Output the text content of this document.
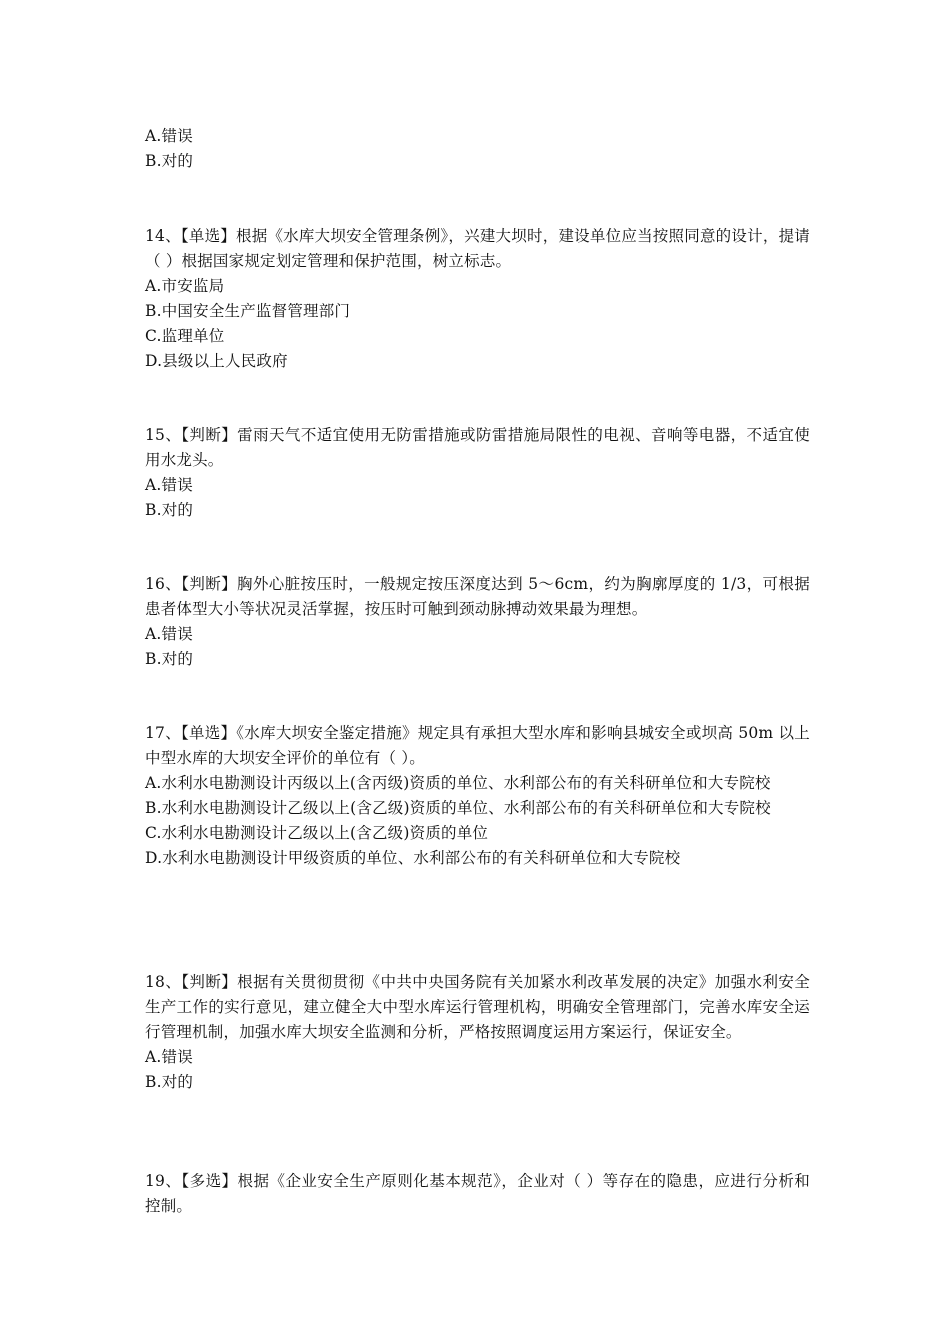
A.错误
B.对的
14、【单选】根据《水库大坝安全管理条例》，兴建大坝时，建设单位应当按照同意的设计，提请（ ）根据国家规定划定管理和保护范围，树立标志。
A.市安监局
B.中国安全生产监督管理部门
C.监理单位
D.县级以上人民政府
15、【判断】雷雨天气不适宜使用无防雷措施或防雷措施局限性的电视、音响等电器，不适宜使用水龙头。
A.错误
B.对的
16、【判断】胸外心脏按压时，一般规定按压深度达到 5～6cm，约为胸廓厚度的 1/3，可根据患者体型大小等状况灵活掌握，按压时可触到颈动脉搏动效果最为理想。
A.错误
B.对的
17、【单选】《水库大坝安全鉴定措施》规定具有承担大型水库和影响县城安全或坝高 50m 以上中型水库的大坝安全评价的单位有（ ）。
A.水利水电勘测设计丙级以上(含丙级)资质的单位、水利部公布的有关科研单位和大专院校
B.水利水电勘测设计乙级以上(含乙级)资质的单位、水利部公布的有关科研单位和大专院校
C.水利水电勘测设计乙级以上(含乙级)资质的单位
D.水利水电勘测设计甲级资质的单位、水利部公布的有关科研单位和大专院校
18、【判断】根据有关贯彻贯彻《中共中央国务院有关加紧水利改革发展的决定》加强水利安全生产工作的实行意见，建立健全大中型水库运行管理机构，明确安全管理部门，完善水库安全运行管理机制，加强水库大坝安全监测和分析，严格按照调度运用方案运行，保证安全。
A.错误
B.对的
19、【多选】根据《企业安全生产原则化基本规范》，企业对（ ）等存在的隐患，应进行分析和控制。
